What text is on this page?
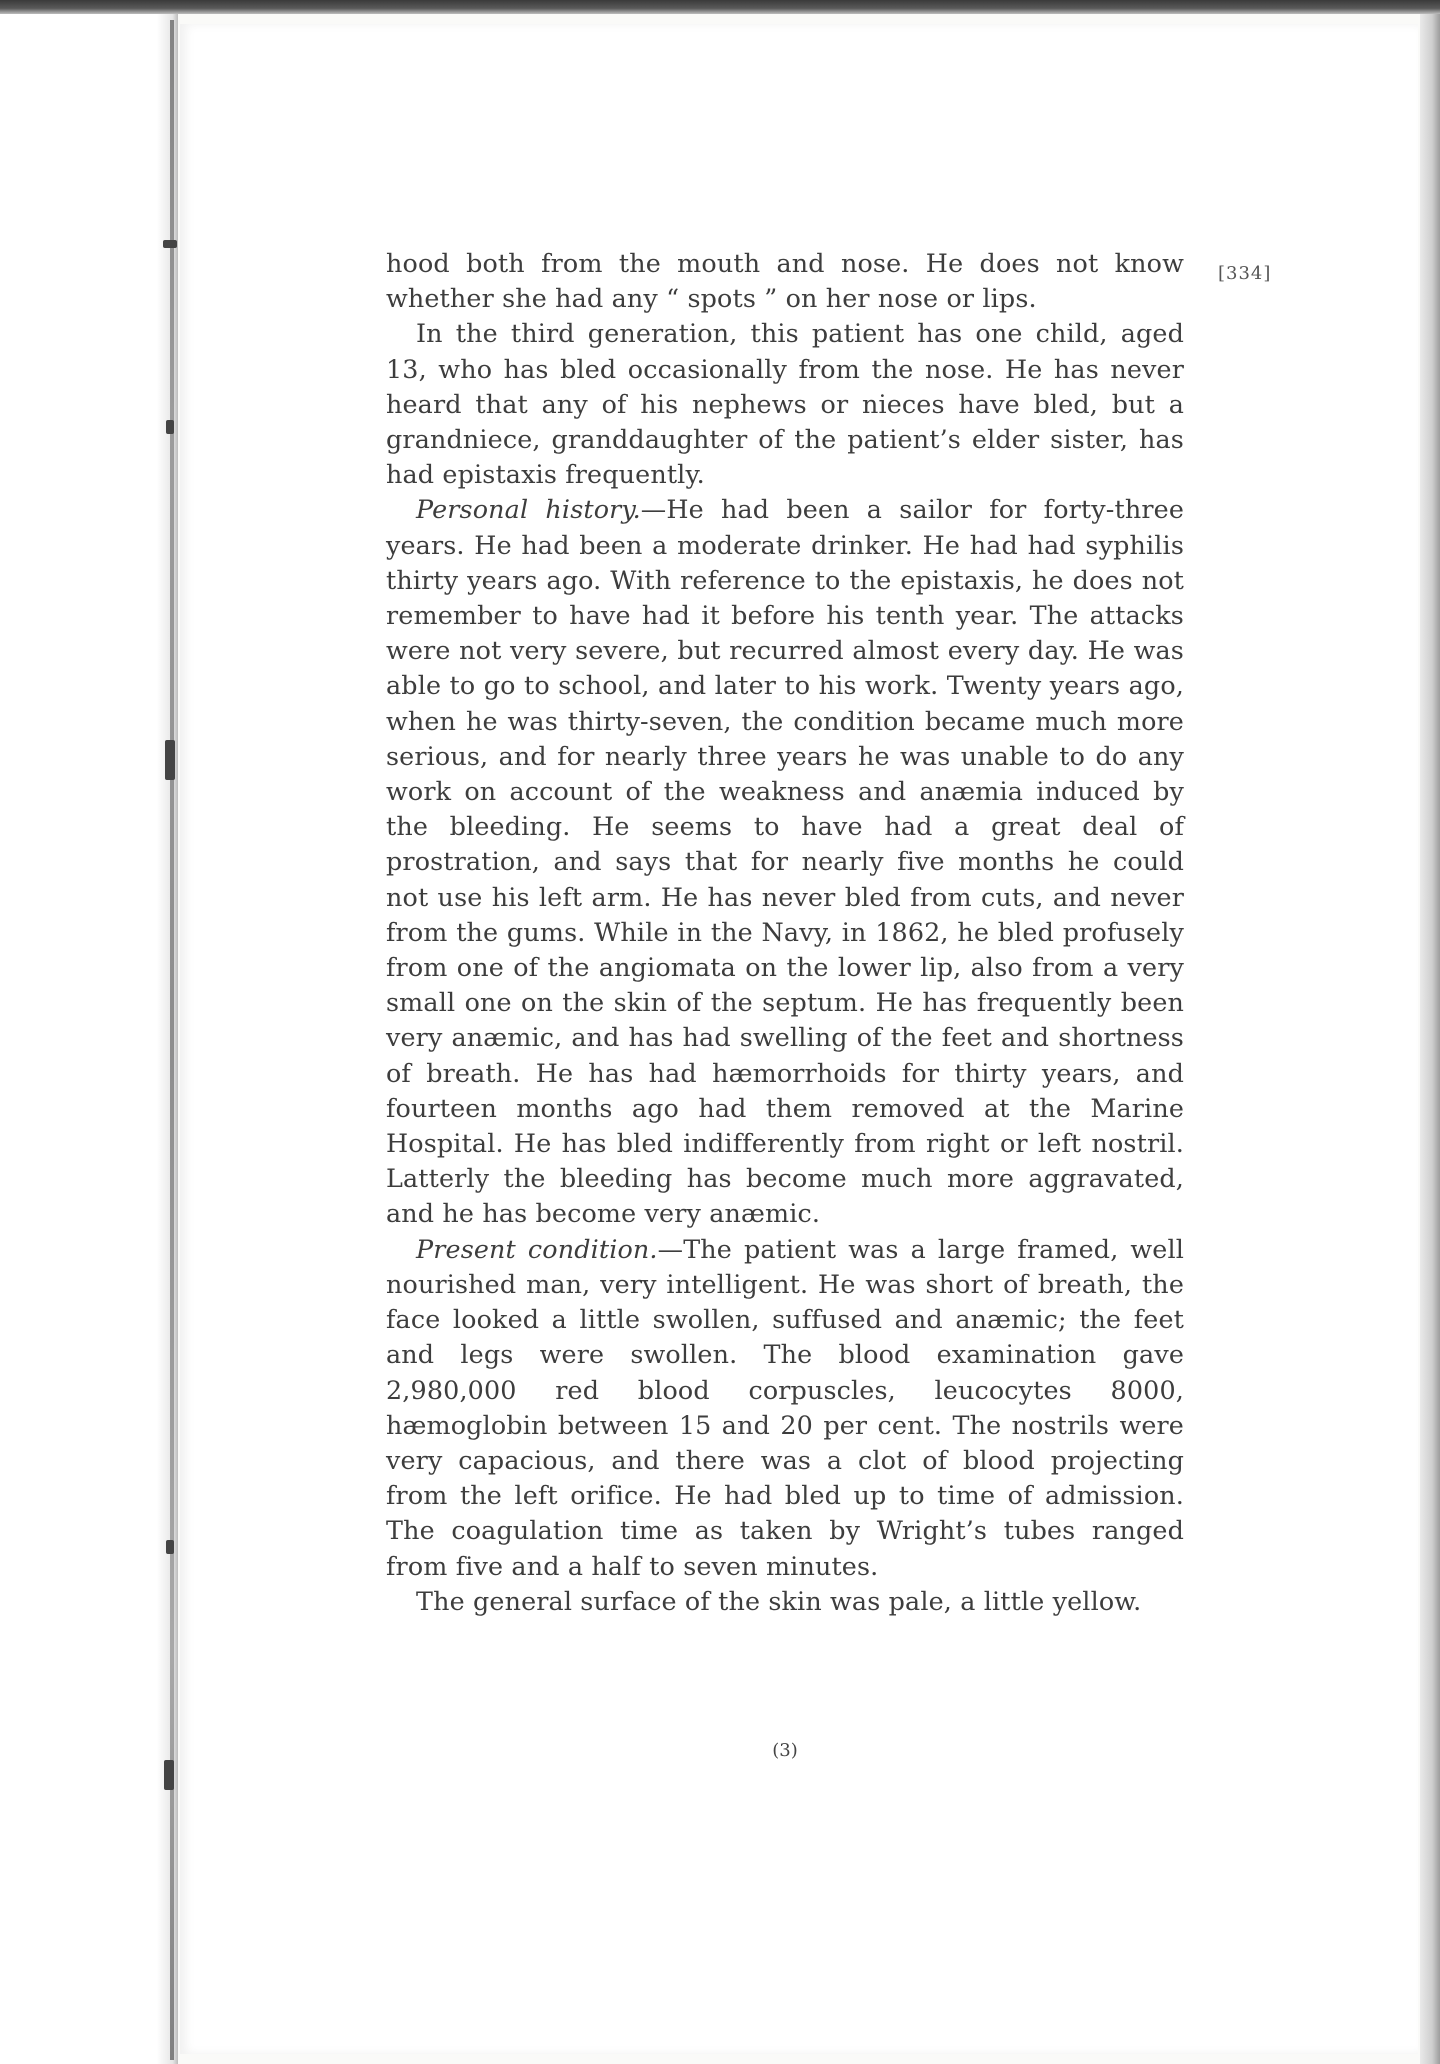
[334]

hood both from the mouth and nose. He does not know whether she had any “ spots ” on her nose or lips.

In the third generation, this patient has one child, aged 13, who has bled occasionally from the nose. He has never heard that any of his nephews or nieces have bled, but a grandniece, granddaughter of the patient’s elder sister, has had epistaxis frequently.

Personal history.—He had been a sailor for forty-three years. He had been a moderate drinker. He had had syphilis thirty years ago. With reference to the epistaxis, he does not remember to have had it before his tenth year. The attacks were not very severe, but recurred almost every day. He was able to go to school, and later to his work. Twenty years ago, when he was thirty-seven, the condition became much more serious, and for nearly three years he was unable to do any work on account of the weakness and anæmia induced by the bleeding. He seems to have had a great deal of prostration, and says that for nearly five months he could not use his left arm. He has never bled from cuts, and never from the gums. While in the Navy, in 1862, he bled profusely from one of the angiomata on the lower lip, also from a very small one on the skin of the septum. He has frequently been very anæmic, and has had swelling of the feet and shortness of breath. He has had hæmorrhoids for thirty years, and fourteen months ago had them removed at the Marine Hospital. He has bled indifferently from right or left nostril. Latterly the bleeding has become much more aggravated, and he has become very anæmic.

Present condition.—The patient was a large framed, well nourished man, very intelligent. He was short of breath, the face looked a little swollen, suffused and anæmic; the feet and legs were swollen. The blood examination gave 2,980,000 red blood corpuscles, leucocytes 8000, hæmoglobin between 15 and 20 per cent. The nostrils were very capacious, and there was a clot of blood projecting from the left orifice. He had bled up to time of admission. The coagulation time as taken by Wright’s tubes ranged from five and a half to seven minutes.

The general surface of the skin was pale, a little yellow.

(3)
